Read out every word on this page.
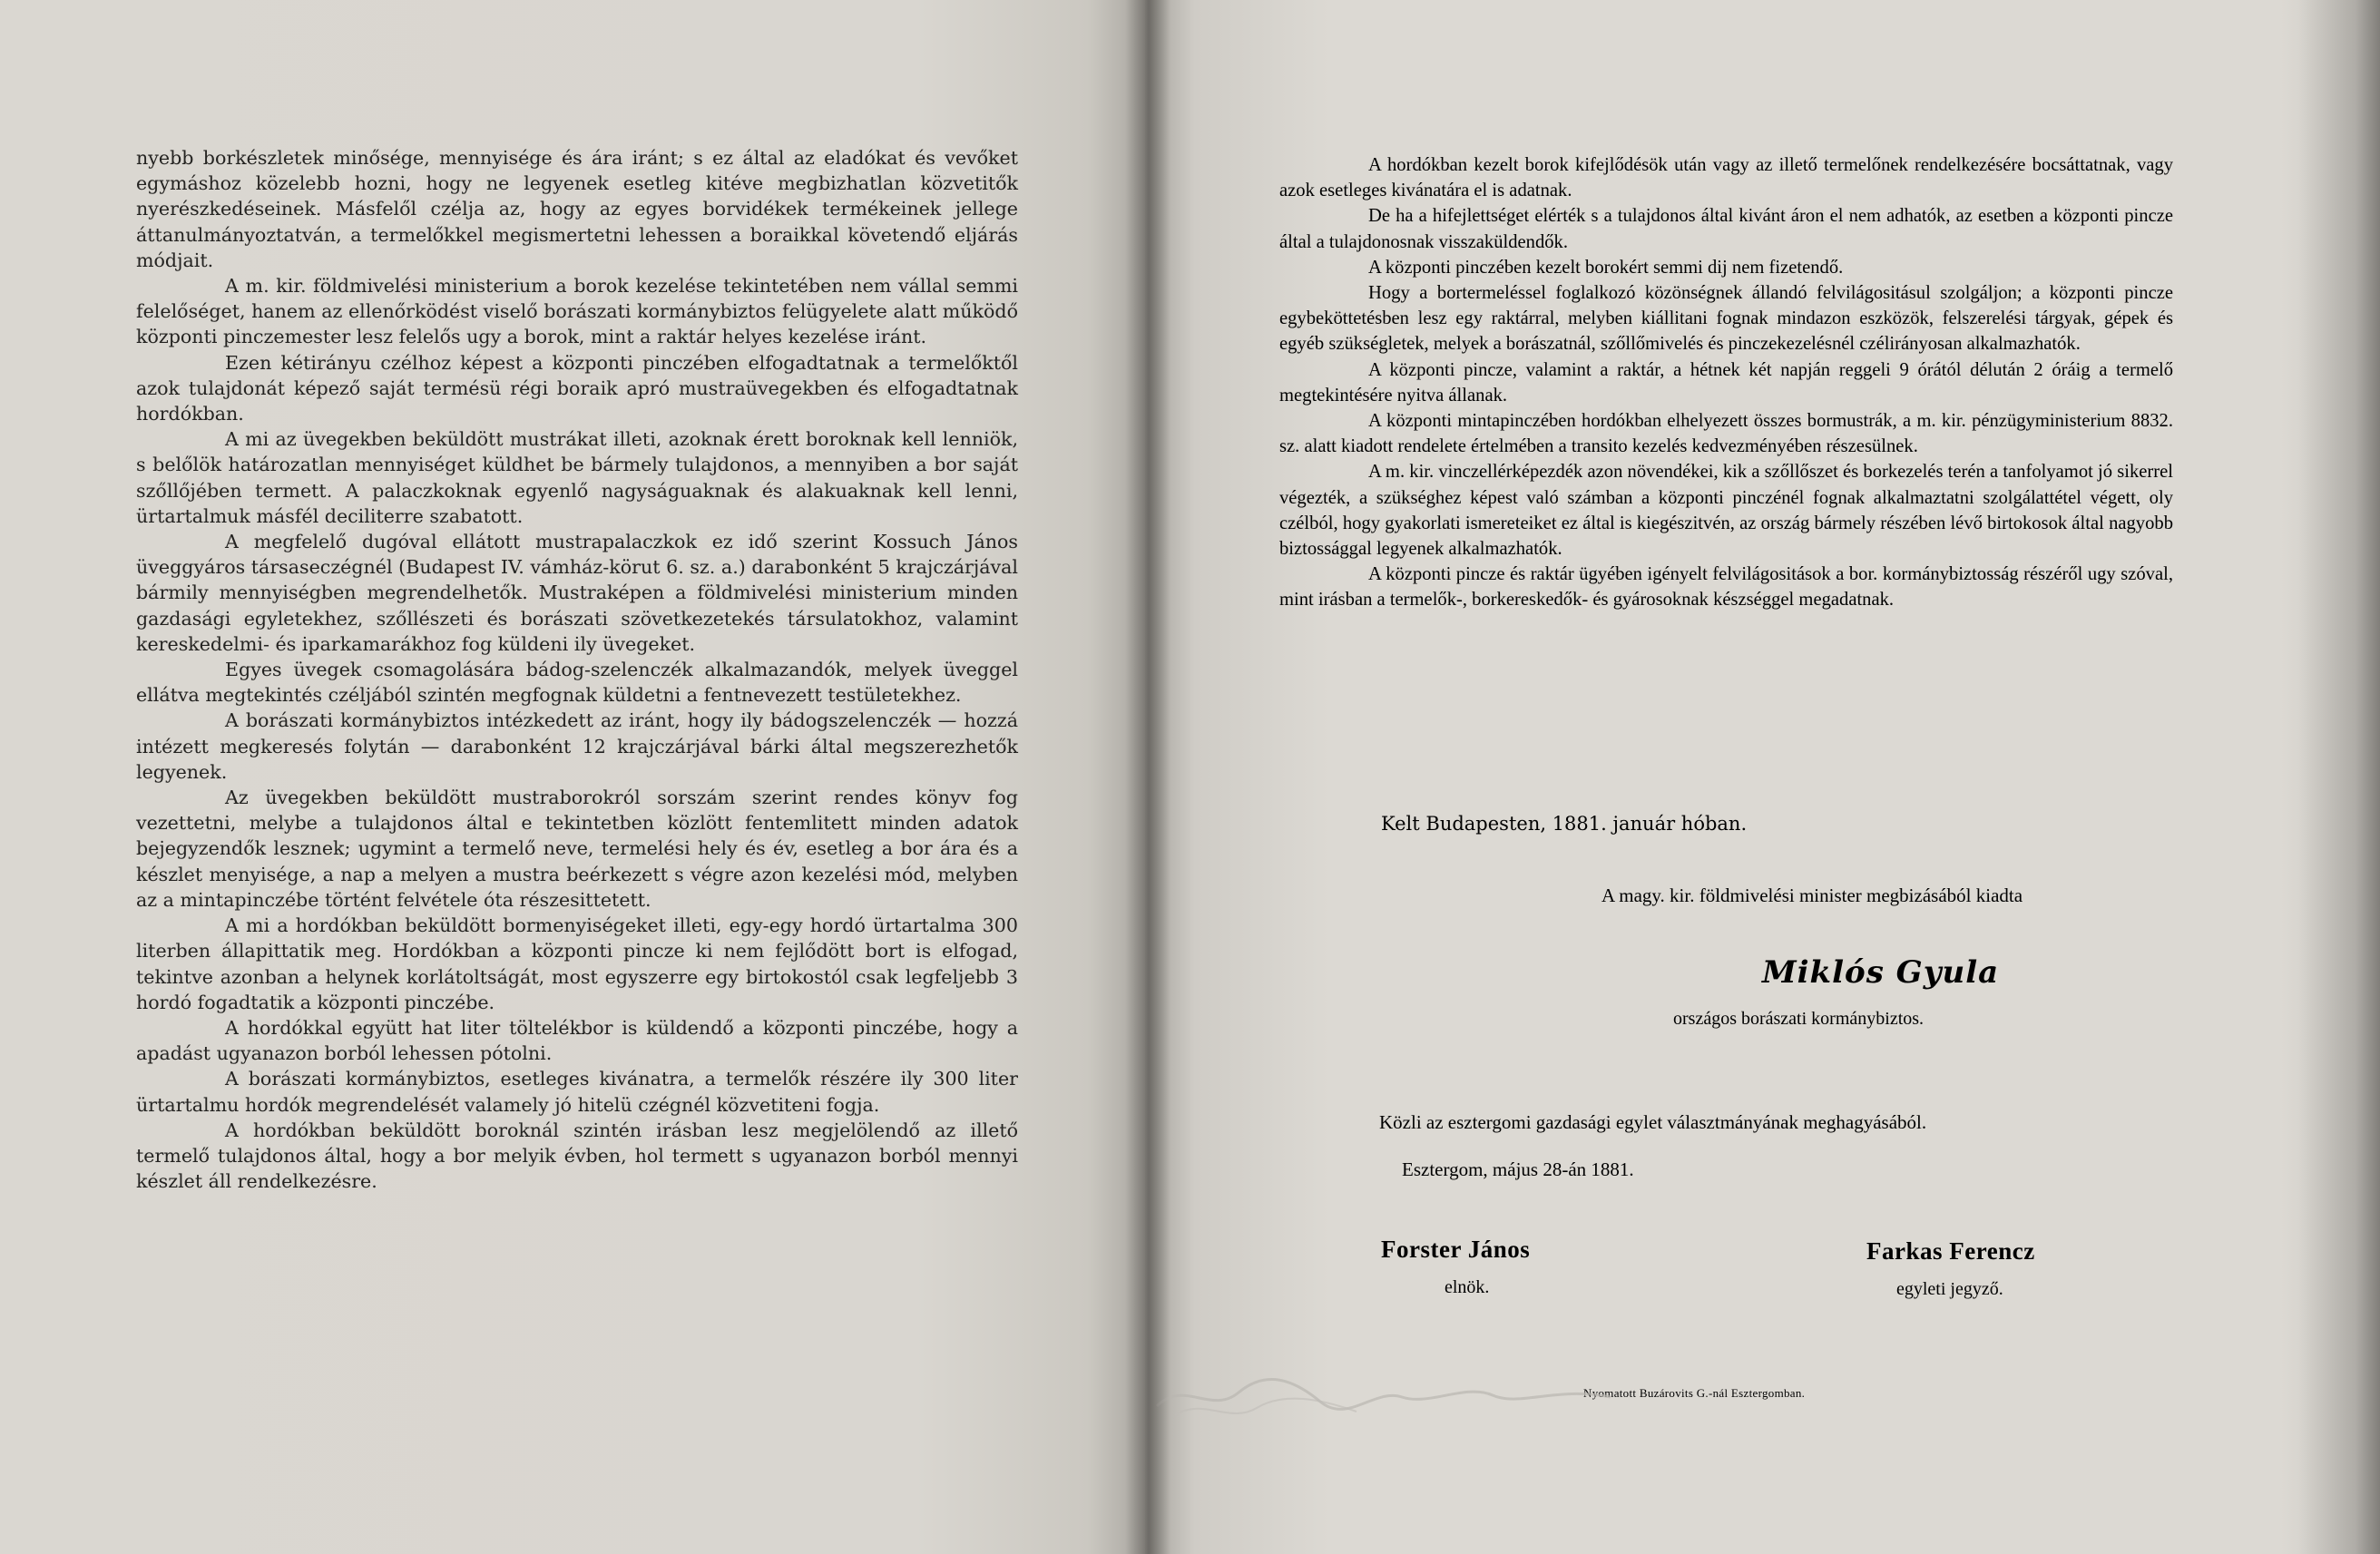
nyebb borkészletek minősége, mennyisége és ára iránt; s ez által az eladókat és vevőket egymáshoz közelebb hozni, hogy ne legyenek esetleg kitéve megbizhatlan közvetitők nyerészkedéseinek. Másfelől czélja az, hogy az egyes borvidékek termékeinek jellege áttanulmányoztatván, a termelőkkel megismertetni lehessen a boraikkal követendő eljárás módjait.

A m. kir. földmivelési ministerium a borok kezelése tekintetében nem vállal semmi felelőséget, hanem az ellenőrködést viselő borászati kormánybiztos felügyelete alatt működő központi pinczemester lesz felelős ugy a borok, mint a raktár helyes kezelése iránt.

Ezen kétirányu czélhoz képest a központi pinczében elfogadtatnak a termelőktől azok tulajdonát képező saját termésü régi boraik apró mustraüvegekben és elfogadtatnak hordókban.

A mi az üvegekben beküldött mustrákat illeti, azoknak érett boroknak kell lenniök, s belőlök határozatlan mennyiséget küldhet be bármely tulajdonos, a mennyiben a bor saját szőllőjében termett. A palaczkoknak egyenlő nagyságuaknak és alakuaknak kell lenni, ürtartalmuk másfél deciliterre szabatott.

A megfelelő dugóval ellátott mustrapalaczkok ez idő szerint Kossuch János üveggyáros társaseczégnél (Budapest IV. vámház-körut 6. sz. a.) darabonként 5 krajczárjával bármily mennyiségben megrendelhetők. Mustraképen a földmivelési ministerium minden gazdasági egyletekhez, szőllészeti és borászati szövetkezetekés társulatokhoz, valamint kereskedelmi- és iparkamarákhoz fog küldeni ily üvegeket.

Egyes üvegek csomagolására bádog-szelenczék alkalmazandók, melyek üveggel ellátva megtekintés czéljából szintén megfognak küldetni a fentnevezett testületekhez.

A borászati kormánybiztos intézkedett az iránt, hogy ily bádogszelenczék — hozzá intézett megkeresés folytán — darabonként 12 krajczárjával bárki által megszerezhetők legyenek.

Az üvegekben beküldött mustraborokról sorszám szerint rendes könyv fog vezettetni, melybe a tulajdonos által e tekintetben közlött fentemlitett minden adatok bejegyzendők lesznek; ugymint a termelő neve, termelési hely és év, esetleg a bor ára és a készlet menyisége, a nap a melyen a mustra beérkezett s végre azon kezelési mód, melyben az a mintapinczébe történt felvétele óta részesittetett.

A mi a hordókban beküldött bormenyiségeket illeti, egy-egy hordó ürtartalma 300 literben állapittatik meg. Hordókban a központi pincze ki nem fejlődött bort is elfogad, tekintve azonban a helynek korlátoltságát, most egyszerre egy birtokostól csak legfeljebb 3 hordó fogadtatik a központi pinczébe.

A hordókkal együtt hat liter töltelékbor is küldendő a központi pinczébe, hogy a apadást ugyanazon borból lehessen pótolni.

A borászati kormánybiztos, esetleges kivánatra, a termelők részére ily 300 liter ürtartalmu hordók megrendelését valamely jó hitelü czégnél közvetiteni fogja.

A hordókban beküldött boroknál szintén irásban lesz megjelölendő az illető termelő tulajdonos által, hogy a bor melyik évben, hol termett s ugyanazon borból mennyi készlet áll rendelkezésre.

A hordókban kezelt borok kifejlődésök után vagy az illető termelőnek rendelkezésére bocsáttatnak, vagy azok esetleges kivánatára el is adatnak.

De ha a hifejlettséget elérték s a tulajdonos által kivánt áron el nem adhatók, az esetben a központi pincze által a tulajdonosnak visszaküldendők.

A központi pinczében kezelt borokért semmi dij nem fizetendő.

Hogy a bortermeléssel foglalkozó közönségnek állandó felvilágositásul szolgáljon; a központi pincze egybeköttetésben lesz egy raktárral, melyben kiállitani fognak mindazon eszközök, felszerelési tárgyak, gépek és egyéb szükségletek, melyek a borászatnál, szőllőmivelés és pinczekezelésnél czélirányosan alkalmazhatók.

A központi pincze, valamint a raktár, a hétnek két napján reggeli 9 órától délután 2 óráig a termelő megtekintésére nyitva állanak.

A központi mintapinczében hordókban elhelyezett összes bormustrák, a m. kir. pénzügyministerium 8832. sz. alatt kiadott rendelete értelmében a transito kezelés kedvezményében részesülnek.

A m. kir. vinczellérképezdék azon növendékei, kik a szőllőszet és borkezelés terén a tanfolyamot jó sikerrel végezték, a szükséghez képest való számban a központi pinczénél fognak alkalmaztatni szolgálattétel végett, oly czélból, hogy gyakorlati ismereteiket ez által is kiegészitvén, az ország bármely részében lévő birtokosok által nagyobb biztossággal legyenek alkalmazhatók.

A központi pincze és raktár ügyében igényelt felvilágositások a bor. kormánybiztosság részéről ugy szóval, mint irásban a termelők-, borkereskedők- és gyárosoknak készséggel megadatnak.

Kelt Budapesten, 1881. január hóban.
A magy. kir. földmivelési minister megbizásából kiadta
Miklós Gyula
országos borászati kormánybiztos.
Közli az esztergomi gazdasági egylet választmányának meghagyásából.
Esztergom, május 28-án 1881.
Forster János
elnök.
Farkas Ferencz
egyleti jegyző.
Nyomatott Buzárovits G.-nál Esztergomban.
